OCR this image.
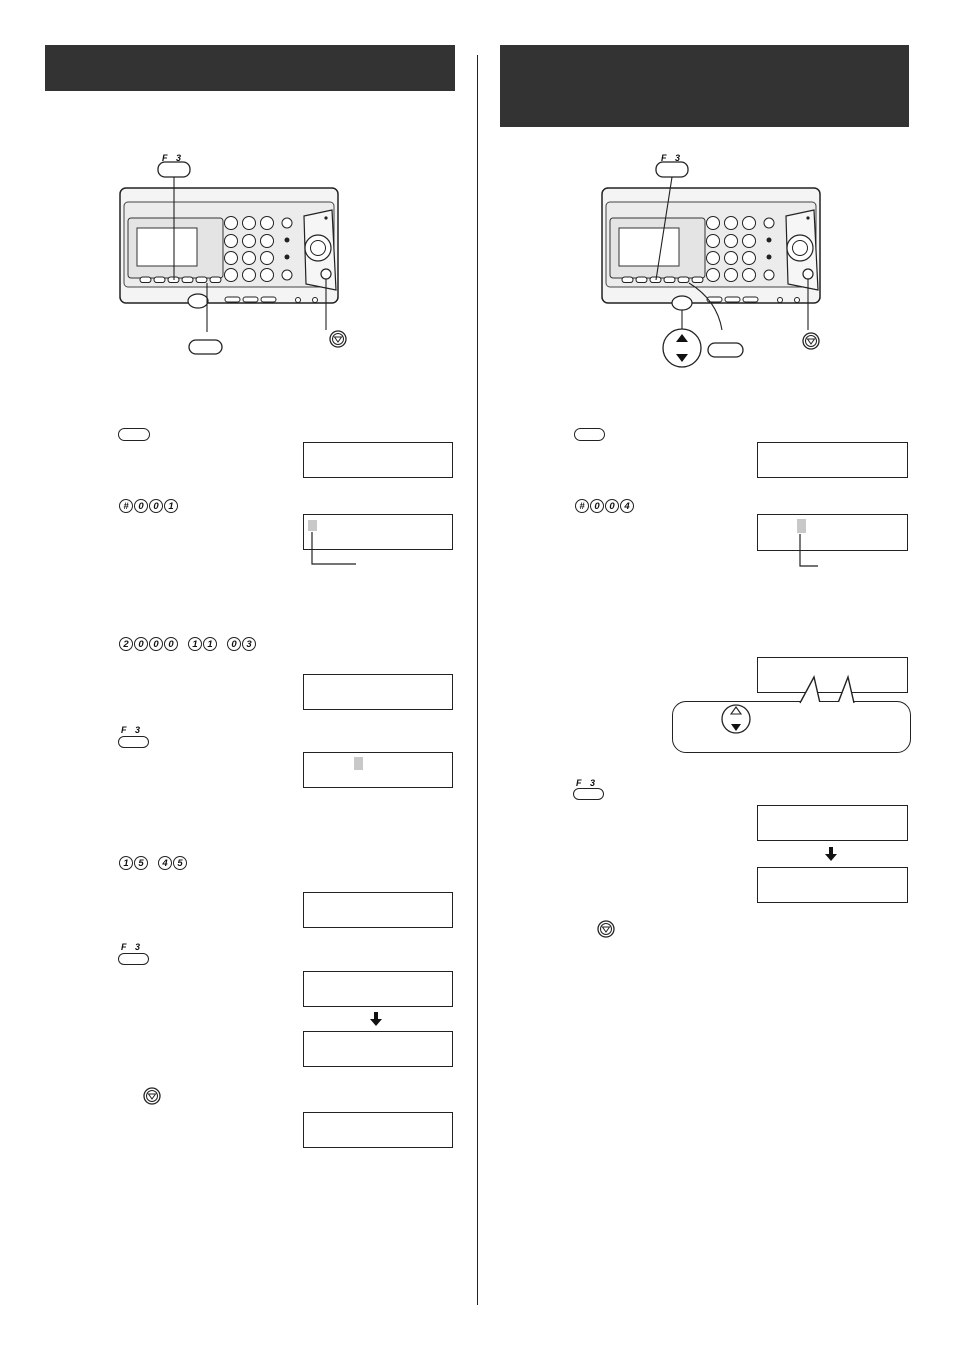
F 3
# 0 0 1
2 0 0 0 1 1 0 3
F 3
1 5 4 5
F 3
F 3
# 0 0 4
F 3
